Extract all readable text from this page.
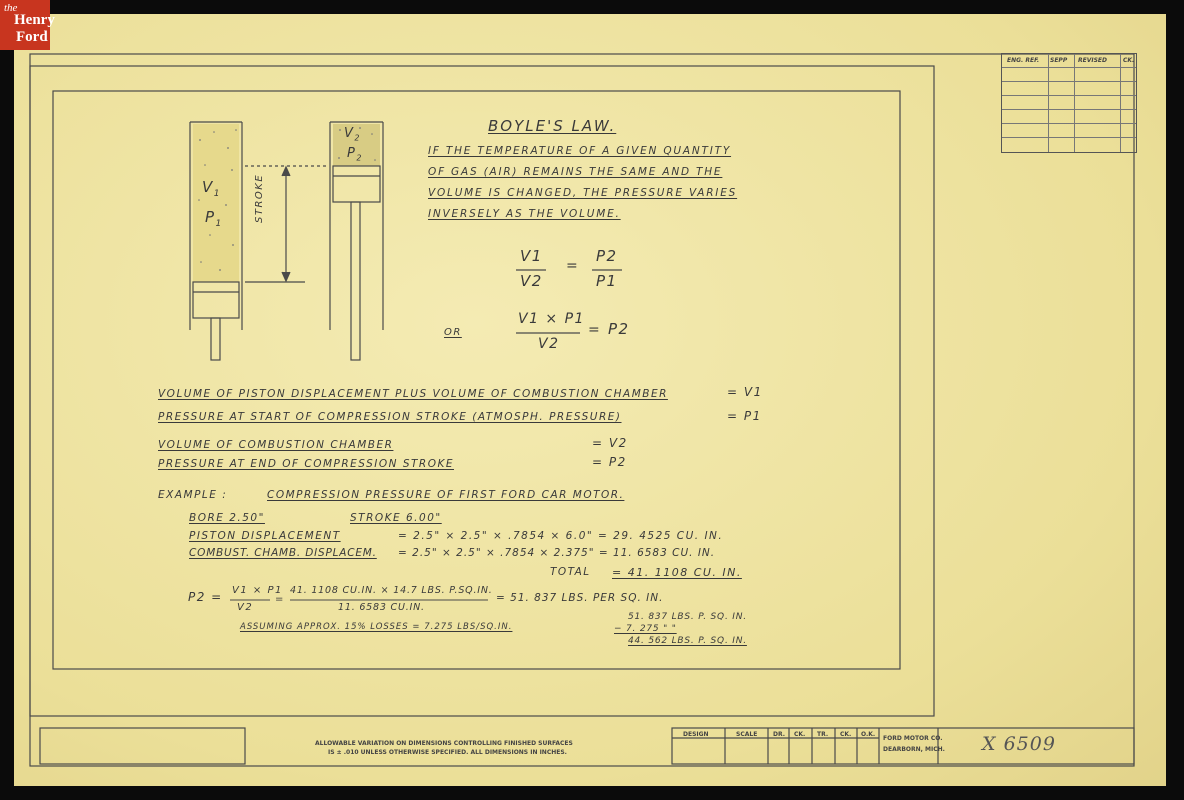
the
Henry
Ford
ENG. REF. SEPP REVISED	CK.
$V_1$
$P_1$
$V_2$
$P_2$
STROKE
BOYLE'S LAW.
IF THE TEMPERATURE OF A GIVEN QUANTITY
OF GAS (AIR) REMAINS THE SAME AND THE
VOLUME IS CHANGED, THE PRESSURE VARIES
INVERSELY AS THE VOLUME.
V1
V2
=
P2
P1
OR
V1 × P1
V2
= P2
VOLUME OF PISTON DISPLACEMENT PLUS VOLUME OF COMBUSTION CHAMBER	= V1
PRESSURE AT START OF COMPRESSION STROKE (ATMOSPH. PRESSURE)	= P1
VOLUME OF COMBUSTION CHAMBER	= V2
PRESSURE AT END OF COMPRESSION STROKE	= P2
EXAMPLE :	COMPRESSION PRESSURE OF FIRST FORD CAR MOTOR.
BORE 2.50"	STROKE 6.00"
PISTON DISPLACEMENT	= 2.5" × 2.5" × .7854 × 6.0" = 29. 4525 CU. IN.
COMBUST. CHAMB. DISPLACEM. = 2.5" × 2.5" × .7854 × 2.375" = 11. 6583 CU. IN.
TOTAL = 41. 1108 CU. IN.
P2 = V1 × P1
V2
=
41. 1108 CU.IN. × 14.7 LBS. P.SQ.IN.
11. 6583 CU.IN.
= 51. 837 LBS. PER SQ. IN.
ASSUMING APPROX. 15% LOSSES = 7.275 LBS/SQ.IN.
51. 837 LBS. P. SQ. IN.
− 7. 275 " "
44. 562 LBS. P. SQ. IN.
ALLOWABLE VARIATION ON DIMENSIONS CONTROLLING FINISHED SURFACES
IS ± .010 UNLESS OTHERWISE SPECIFIED. ALL DIMENSIONS IN INCHES.
DESIGN	SCALE	DR. CK. TR. CK. O.K.
FORD MOTOR CO.
DEARBORN, MICH. X 6509
